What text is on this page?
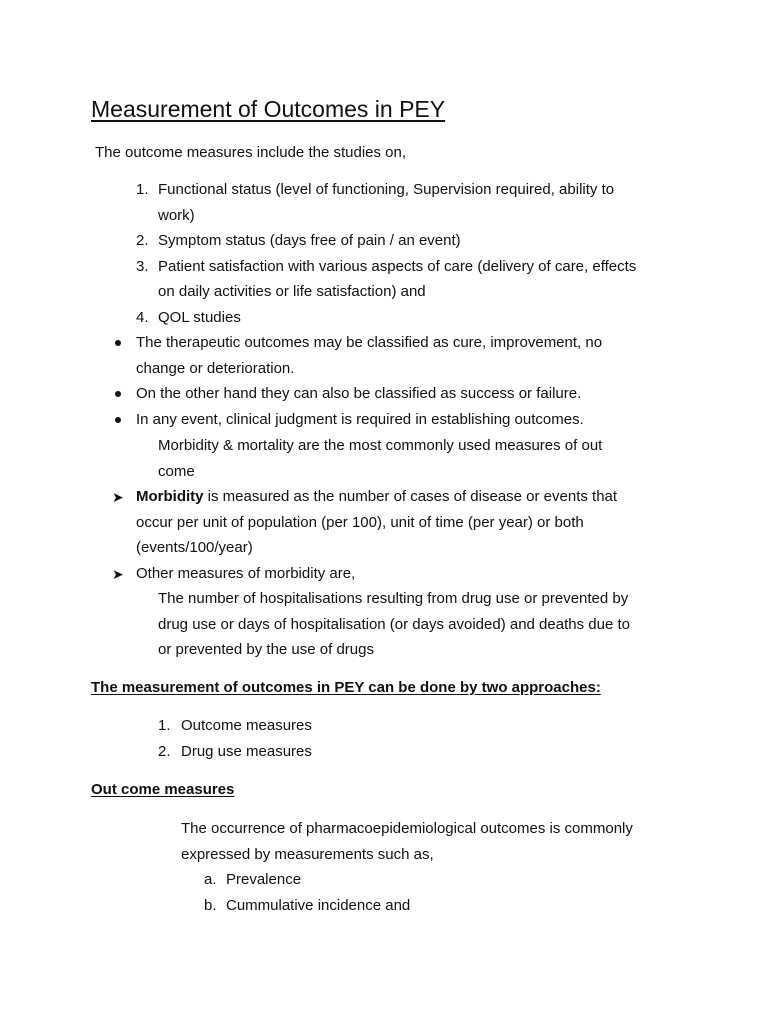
Measurement of Outcomes in PEY
The outcome measures include the studies on,
1. Functional status (level of functioning, Supervision required, ability to
work)
2. Symptom status (days free of pain / an event)
3. Patient satisfaction with various aspects of care (delivery of care, effects
on daily activities or life satisfaction) and
4. QOL studies
The therapeutic outcomes may be classified as cure, improvement, no
change or deterioration.
On the other hand they can also be classified as success or failure.
In any event, clinical judgment is required in establishing outcomes.
Morbidity & mortality are the most commonly used measures of out
come
➤ Morbidity is measured as the number of cases of disease or events that
occur per unit of population (per 100), unit of time (per year) or both
(events/100/year)
➤ Other measures of morbidity are,
The number of hospitalisations resulting from drug use or prevented by
drug use or days of hospitalisation (or days avoided) and deaths due to
or prevented by the use of drugs
The measurement of outcomes in PEY can be done by two approaches:
1. Outcome measures
2. Drug use measures
Out come measures
The occurrence of pharmacoepidemiological outcomes is commonly
expressed by measurements such as,
a. Prevalence
b. Cummulative incidence and
